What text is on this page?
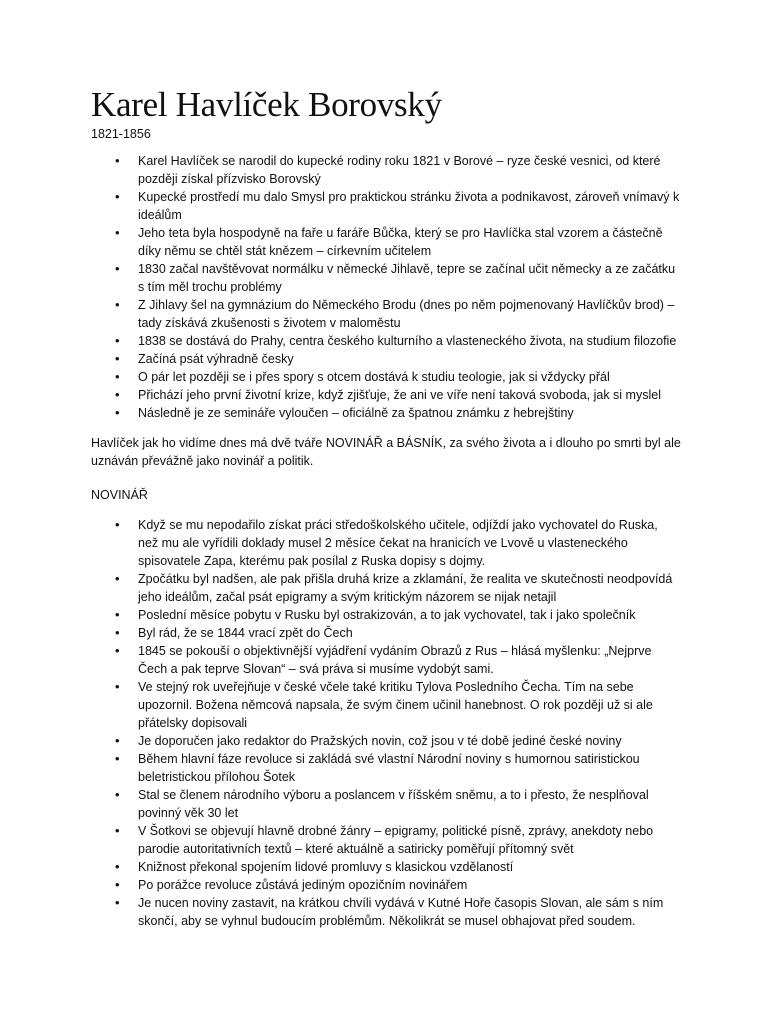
Karel Havlíček Borovský

1821-1856

• Karel Havlíček se narodil do kupecké rodiny roku 1821 v Borové – ryze české vesnici, od které později získal přízvisko Borovský
• Kupecké prostředí mu dalo Smysl pro praktickou stránku života a podnikavost, zároveň vnímavý k ideálům
• Jeho teta byla hospodyně na faře u faráře Bůčka, který se pro Havlíčka stal vzorem a částečně díky němu se chtěl stát knězem – církevním učitelem
• 1830 začal navštěvovat normálku v německé Jihlavě, tepre se začínal učit německy a ze začátku s tím měl trochu problémy
• Z Jihlavy šel na gymnázium do Německého Brodu (dnes po něm pojmenovaný Havlíčkův brod) – tady získává zkušenosti s životem v maloměstu
• 1838 se dostává do Prahy, centra českého kulturního a vlasteneckého života, na studium filozofie
• Začíná psát výhradně česky
• O pár let později se i přes spory s otcem dostává k studiu teologie, jak si vždycky přál
• Přichází jeho první životní krize, když zjišťuje, že ani ve víře není taková svoboda, jak si myslel
• Následně je ze semináře vyloučen – oficiálně za špatnou známku z hebrejštiny

Havlíček jak ho vidíme dnes má dvě tváře NOVINÁŘ a BÁSNÍK, za svého života a i dlouho po smrti byl ale uznáván převážně jako novinář a politik.

NOVINÁŘ

• Když se mu nepodařilo získat práci středoškolského učitele, odjíždí jako vychovatel do Ruska, než mu ale vyřídili doklady musel 2 měsíce čekat na hranicích ve Lvově u vlasteneckého spisovatele Zapa, kterému pak posílal z Ruska dopisy s dojmy.
• Zpočátku byl nadšen, ale pak přišla druhá krize a zklamání, že realita ve skutečnosti neodpovídá jeho ideálům, začal psát epigramy a svým kritickým názorem se nijak netajil
• Poslední měsíce pobytu v Rusku byl ostrakizován, a to jak vychovatel, tak i jako společník
• Byl rád, že se 1844 vrací zpět do Čech
• 1845 se pokouší o objektivnější vyjádření vydáním Obrazů z Rus – hlásá myšlenku: „Nejprve Čech a pak teprve Slovan“ – svá práva si musíme vydobýt sami.
• Ve stejný rok uveřejňuje v české včele také kritiku Tylova Posledního Čecha. Tím na sebe upozornil. Božena němcová napsala, že svým činem učinil hanebnost. O rok později už si ale přátelsky dopisovali
• Je doporučen jako redaktor do Pražských novin, což jsou v té době jediné české noviny
• Během hlavní fáze revoluce si zakládá své vlastní Národní noviny s humornou satiristickou beletristickou přílohou Šotek
• Stal se členem národního výboru a poslancem v říšském sněmu, a to i přesto, že nesplňoval povinný věk 30 let
• V Šotkovi se objevují hlavně drobné žánry – epigramy, politické písně, zprávy, anekdoty nebo parodie autoritativních textů – které aktuálně a satiricky poměřují přítomný svět
• Knižnost překonal spojením lidové promluvy s klasickou vzdělaností
• Po porážce revoluce zůstává jediným opozičním novinářem
• Je nucen noviny zastavit, na krátkou chvíli vydává v Kutné Hoře časopis Slovan, ale sám s ním skončí, aby se vyhnul budoucím problémům. Několikrát se musel obhajovat před soudem.
